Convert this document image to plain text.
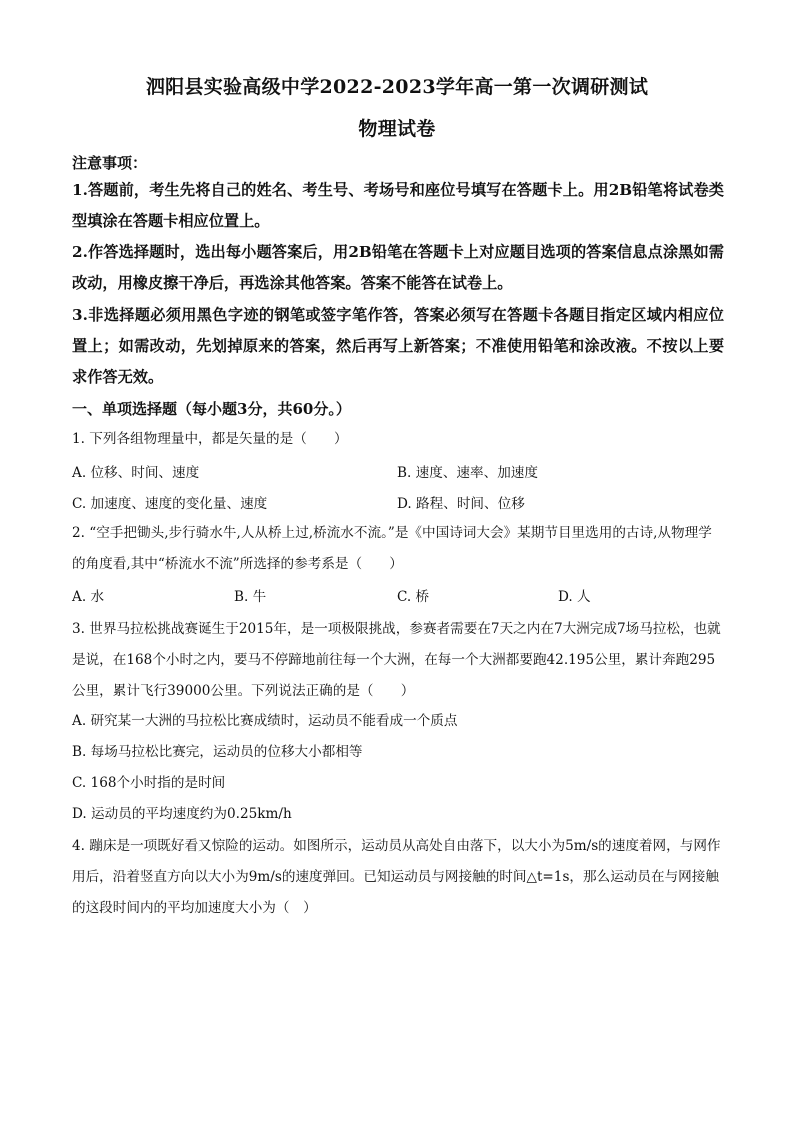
泗阳县实验高级中学2022-2023学年高一第一次调研测试
物理试卷
注意事项：
1.答题前，考生先将自己的姓名、考生号、考场号和座位号填写在答题卡上。用2B铅笔将试卷类型填涂在答题卡相应位置上。
2.作答选择题时，选出每小题答案后，用2B铅笔在答题卡上对应题目选项的答案信息点涂黑如需改动，用橡皮擦干净后，再选涂其他答案。答案不能答在试卷上。
3.非选择题必须用黑色字迹的钢笔或签字笔作答，答案必须写在答题卡各题目指定区域内相应位置上；如需改动，先划掉原来的答案，然后再写上新答案；不准使用铅笔和涂改液。不按以上要求作答无效。
一、单项选择题（每小题3分，共60分。）
1. 下列各组物理量中，都是矢量的是（　　）
A. 位移、时间、速度	B. 速度、速率、加速度
C. 加速度、速度的变化量、速度	D. 路程、时间、位移
2. “空手把锄头,步行骑水牛,人从桥上过,桥流水不流。”是《中国诗词大会》某期节目里选用的古诗,从物理学的角度看,其中“桥流水不流”所选择的参考系是（　　）
A. 水	B. 牛	C. 桥	D. 人
3. 世界马拉松挑战赛诞生于2015年，是一项极限挑战，参赛者需要在7天之内在7大洲完成7场马拉松，也就是说，在168个小时之内，要马不停蹄地前往每一个大洲，在每一个大洲都要跑42.195公里，累计奔跑295公里，累计飞行39000公里。下列说法正确的是（　　）
A. 研究某一大洲的马拉松比赛成绩时，运动员不能看成一个质点
B. 每场马拉松比赛完，运动员的位移大小都相等
C. 168个小时指的是时间
D. 运动员的平均速度约为0.25km/h
4. 蹦床是一项既好看又惊险的运动。如图所示，运动员从高处自由落下，以大小为5m/s的速度着网，与网作用后，沿着竖直方向以大小为9m/s的速度弹回。已知运动员与网接触的时间△t=1s，那么运动员在与网接触的这段时间内的平均加速度大小为（　）
